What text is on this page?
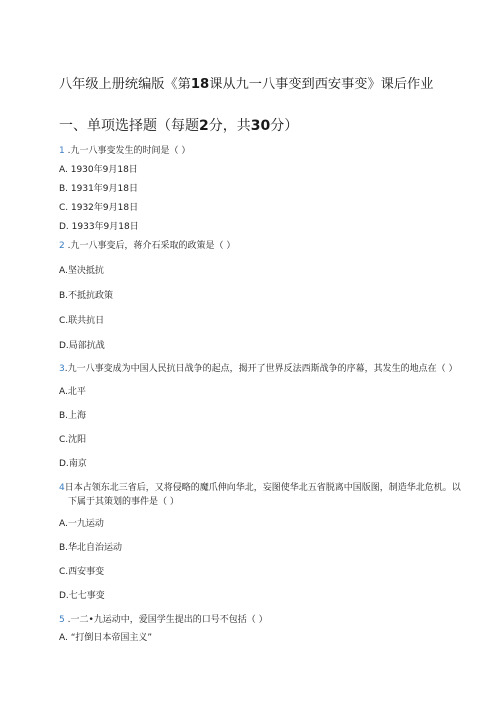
八年级上册统编版《第18课从九一八事变到西安事变》课后作业
一、单项选择题（每题2分，共30分）
1 .九一八事变发生的时间是（ ）
A. 1930年9月18日
B. 1931年9月18日
C. 1932年9月18日
D. 1933年9月18日
2 .九一八事变后，蒋介石采取的政策是（ ）
A.坚决抵抗
B.不抵抗政策
C.联共抗日
D.局部抗战
3.九一八事变成为中国人民抗日战争的起点，揭开了世界反法西斯战争的序幕，其发生的地点在（ ）
A.北平
B.上海
C.沈阳
D.南京
4日本占领东北三省后，又将侵略的魔爪伸向华北，妄图使华北五省脱离中国版图，制造华北危机。以
下属于其策划的事件是（ ）
A.一九运动
B.华北自治运动
C.西安事变
D.七七事变
5 .一二•九运动中，爱国学生提出的口号不包括（ ）
A. “打倒日本帝国主义”
